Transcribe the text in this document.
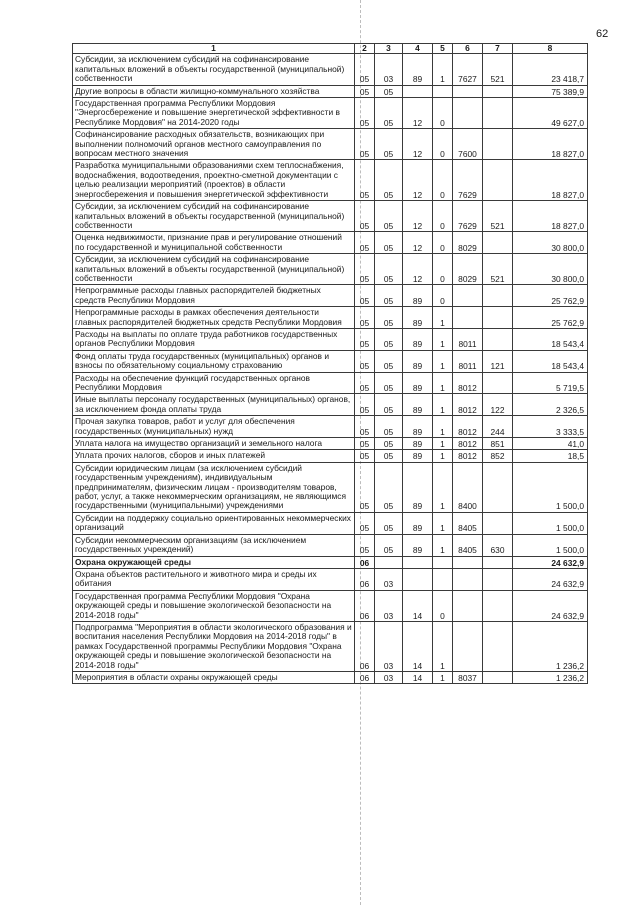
62
1	2	3	4	5	6	7	8
Субсидии, за исключением субсидий на софинансирование капитальных вложений в объекты государственной (муниципальной) собственности	05	03	89	1	7627	521	23 418,7
Другие вопросы в области жилищно-коммунального хозяйства	05	05					75 389,9
Государственная программа Республики Мордовия "Энергосбережение и повышение энергетической эффективности в Республике Мордовия" на 2014-2020 годы	05	05	12	0			49 627,0
Софинансирование расходных обязательств, возникающих при выполнении полномочий органов местного самоуправления по вопросам местного значения	05	05	12	0	7600		18 827,0
Разработка муниципальными образованиями схем теплоснабжения, водоснабжения, водоотведения, проектно-сметной документации с целью реализации мероприятий (проектов) в области энергосбережения и повышения энергетической эффективности	05	05	12	0	7629		18 827,0
Субсидии, за исключением субсидий на софинансирование капитальных вложений в объекты государственной (муниципальной) собственности	05	05	12	0	7629	521	18 827,0
Оценка недвижимости, признание прав и регулирование отношений по государственной и муниципальной собственности	05	05	12	0	8029		30 800,0
Субсидии, за исключением субсидий на софинансирование капитальных вложений в объекты государственной (муниципальной) собственности	05	05	12	0	8029	521	30 800,0
Непрограммные расходы главных распорядителей бюджетных средств Республики Мордовия	05	05	89	0			25 762,9
Непрограммные расходы в рамках обеспечения деятельности главных распорядителей бюджетных средств Республики Мордовия	05	05	89	1			25 762,9
Расходы на выплаты по оплате труда работников государственных органов Республики Мордовия	05	05	89	1	8011		18 543,4
Фонд оплаты труда государственных (муниципальных) органов и взносы по обязательному социальному страхованию	05	05	89	1	8011	121	18 543,4
Расходы на обеспечение функций государственных органов Республики Мордовия	05	05	89	1	8012		5 719,5
Иные выплаты персоналу государственных (муниципальных) органов, за исключением фонда оплаты труда	05	05	89	1	8012	122	2 326,5
Прочая закупка товаров, работ и услуг для обеспечения государственных (муниципальных) нужд	05	05	89	1	8012	244	3 333,5
Уплата налога на имущество организаций и земельного налога	05	05	89	1	8012	851	41,0
Уплата прочих налогов, сборов и иных платежей	05	05	89	1	8012	852	18,5
Субсидии юридическим лицам (за исключением субсидий государственным учреждениям), индивидуальным предпринимателям, физическим лицам - производителям товаров, работ, услуг, а также некоммерческим организациям, не являющимся государственными (муниципальными) учреждениями	05	05	89	1	8400		1 500,0
Субсидии на поддержку социально ориентированных некоммерческих организаций	05	05	89	1	8405		1 500,0
Субсидии некоммерческим организациям (за исключением государственных учреждений)	05	05	89	1	8405	630	1 500,0
Охрана окружающей среды	06						24 632,9
Охрана объектов растительного и животного мира и среды их обитания	06	03					24 632,9
Государственная программа Республики Мордовия "Охрана окружающей среды и повышение экологической безопасности на 2014-2018 годы"	06	03	14	0			24 632,9
Подпрограмма "Мероприятия в области экологического образования и воспитания населения Республики Мордовия на 2014-2018 годы" в рамках Государственной программы Республики Мордовия "Охрана окружающей среды и повышение экологической безопасности на 2014-2018 годы"	06	03	14	1			1 236,2
Мероприятия в области охраны окружающей среды	06	03	14	1	8037		1 236,2
